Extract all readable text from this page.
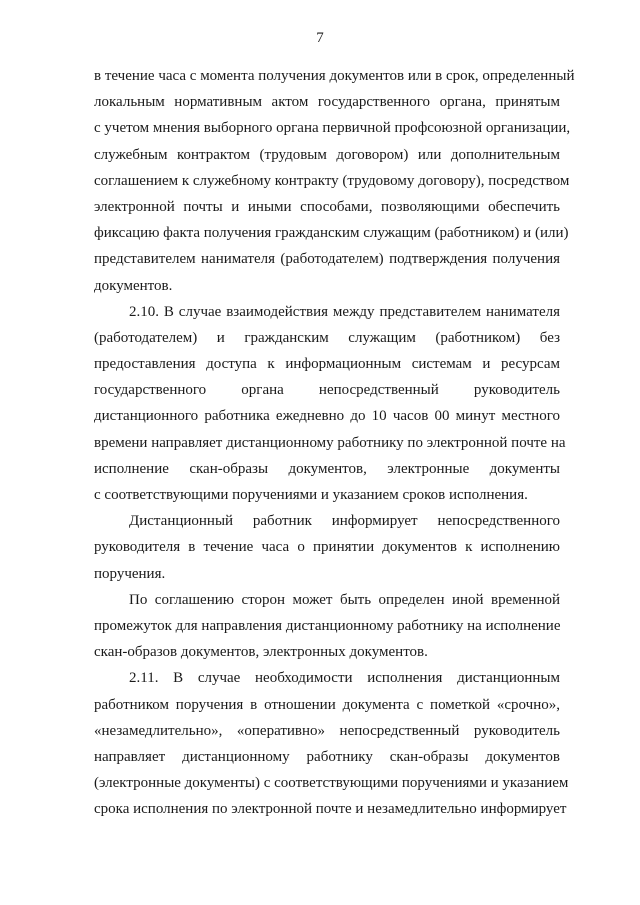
7
в течение часа с момента получения документов или в срок, определенный
локальным нормативным актом государственного органа, принятым
с учетом мнения выборного органа первичной профсоюзной организации,
служебным контрактом (трудовым договором) или дополнительным
соглашением к служебному контракту (трудовому договору), посредством
электронной почты и иными способами, позволяющими обеспечить
фиксацию факта получения гражданским служащим (работником) и (или)
представителем нанимателя (работодателем) подтверждения получения
документов.
2.10. В случае взаимодействия между представителем нанимателя
(работодателем) и гражданским служащим (работником) без
предоставления доступа к информационным системам и ресурсам
государственного органа непосредственный руководитель
дистанционного работника ежедневно до 10 часов 00 минут местного
времени направляет дистанционному работнику по электронной почте на
исполнение скан-образы документов, электронные документы
с соответствующими поручениями и указанием сроков исполнения.
Дистанционный работник информирует непосредственного
руководителя в течение часа о принятии документов к исполнению
поручения.
По соглашению сторон может быть определен иной временной
промежуток для направления дистанционному работнику на исполнение
скан-образов документов, электронных документов.
2.11. В случае необходимости исполнения дистанционным
работником поручения в отношении документа с пометкой «срочно»,
«незамедлительно», «оперативно» непосредственный руководитель
направляет дистанционному работнику скан-образы документов
(электронные документы) с соответствующими поручениями и указанием
срока исполнения по электронной почте и незамедлительно информирует
